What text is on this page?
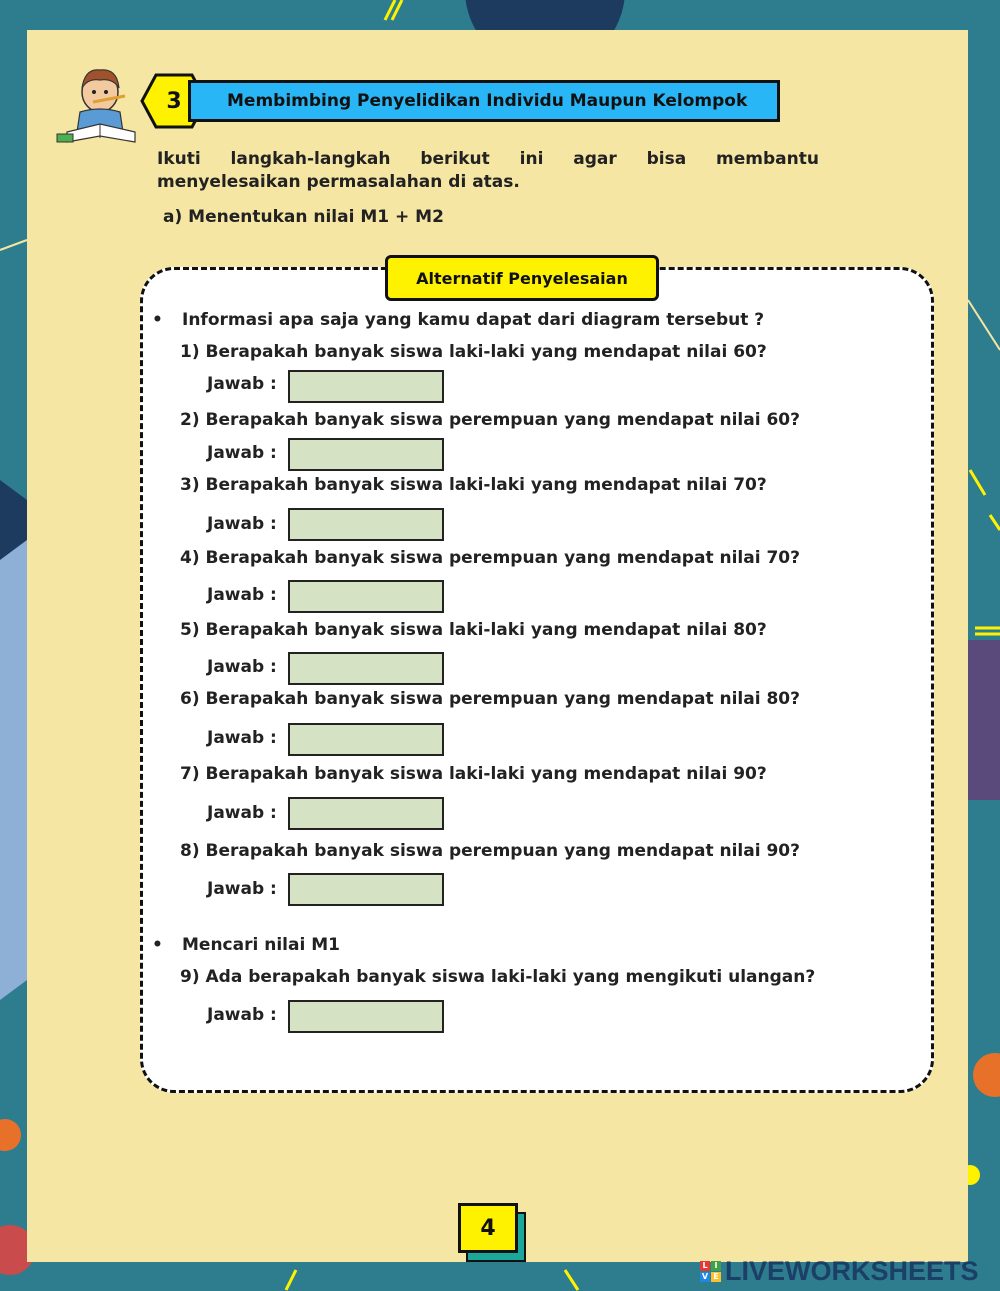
Membimbing Penyelidikan Individu Maupun Kelompok
3
Ikuti langkah-langkah berikut ini agar bisa membantu
menyelesaikan permasalahan di atas.
a) Menentukan nilai M1 + M2
Alternatif Penyelesaian
• Informasi apa saja yang kamu dapat dari diagram tersebut ?
1) Berapakah banyak siswa laki-laki yang mendapat nilai 60?
Jawab :
2) Berapakah banyak siswa perempuan yang mendapat nilai 60?
Jawab :
3) Berapakah banyak siswa laki-laki yang mendapat nilai 70?
Jawab :
4) Berapakah banyak siswa perempuan yang mendapat nilai 70?
Jawab :
5) Berapakah banyak siswa laki-laki yang mendapat nilai 80?
Jawab :
6) Berapakah banyak siswa perempuan yang mendapat nilai 80?
Jawab :
7) Berapakah banyak siswa laki-laki yang mendapat nilai 90?
Jawab :
8) Berapakah banyak siswa perempuan yang mendapat nilai 90?
Jawab :
• Mencari nilai M1
9) Ada berapakah banyak siswa laki-laki yang mengikuti ulangan?
Jawab :
4
L I
V E LIVEWORKSHEETS
